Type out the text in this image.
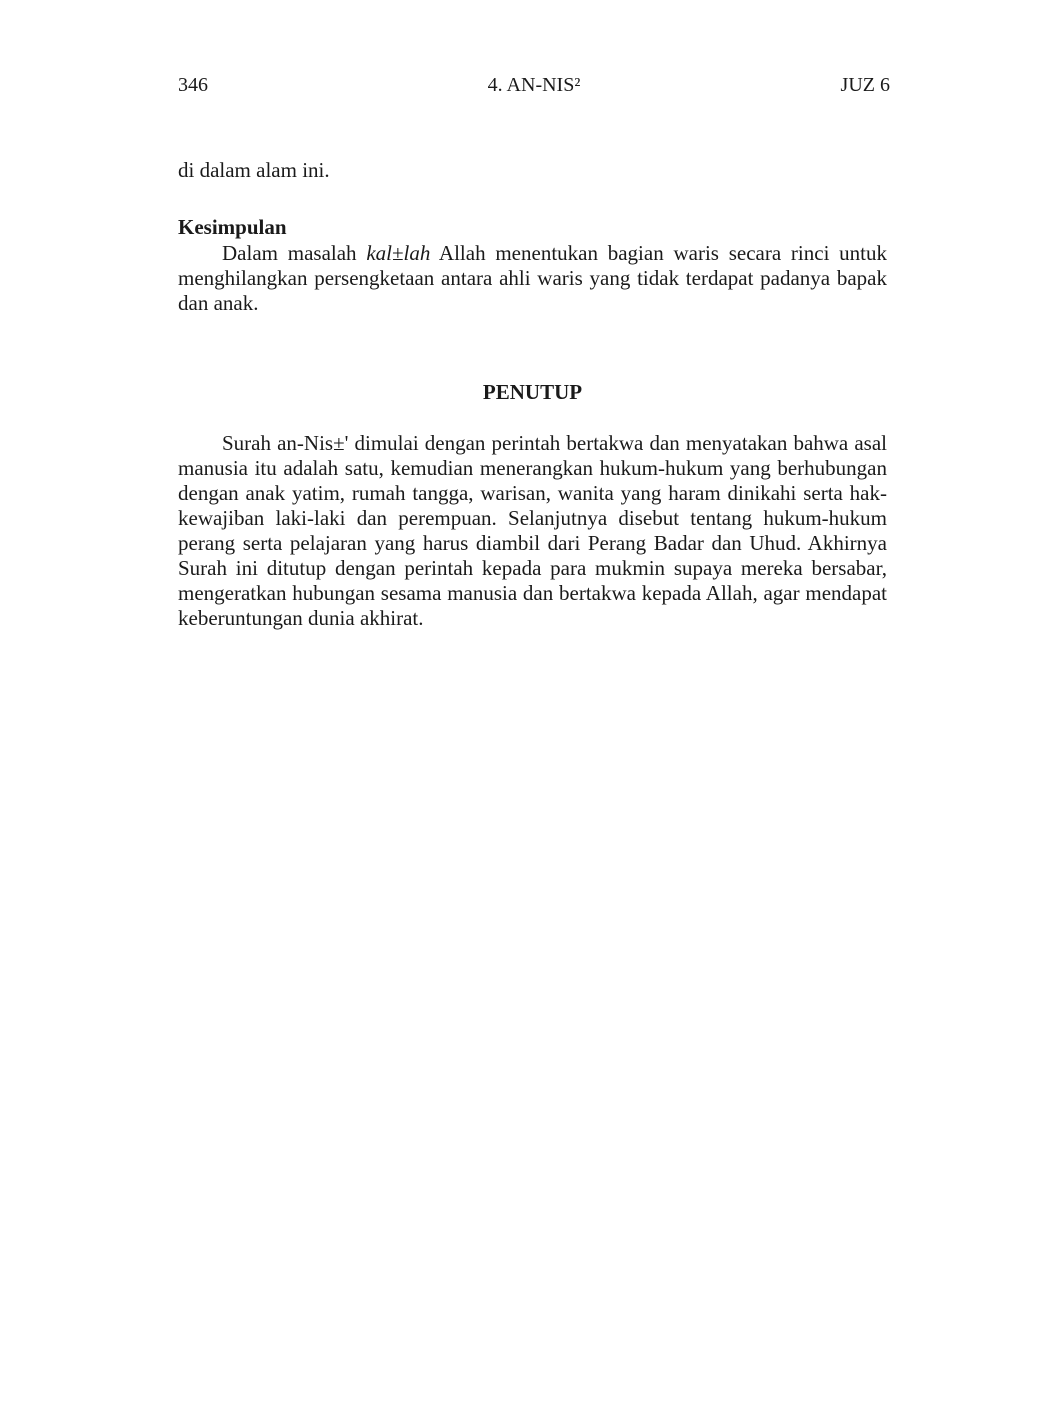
346	4. AN-NIS²	JUZ 6

di dalam alam ini.

Kesimpulan

Dalam masalah kal±lah Allah menentukan bagian waris secara rinci untuk menghilangkan persengketaan antara ahli waris yang tidak terdapat padanya bapak dan anak.

PENUTUP

Surah an-Nis±' dimulai dengan perintah bertakwa dan menyatakan bahwa asal manusia itu adalah satu, kemudian menerangkan hukum-hukum yang berhubungan dengan anak yatim, rumah tangga, warisan, wanita yang haram dinikahi serta hak-kewajiban laki-laki dan perempuan. Selanjutnya disebut tentang hukum-hukum perang serta pelajaran yang harus diambil dari Perang Badar dan Uhud. Akhirnya Surah ini ditutup dengan perintah kepada para mukmin supaya mereka bersabar, mengeratkan hubungan sesama manusia dan bertakwa kepada Allah, agar mendapat keberuntungan dunia akhirat.
